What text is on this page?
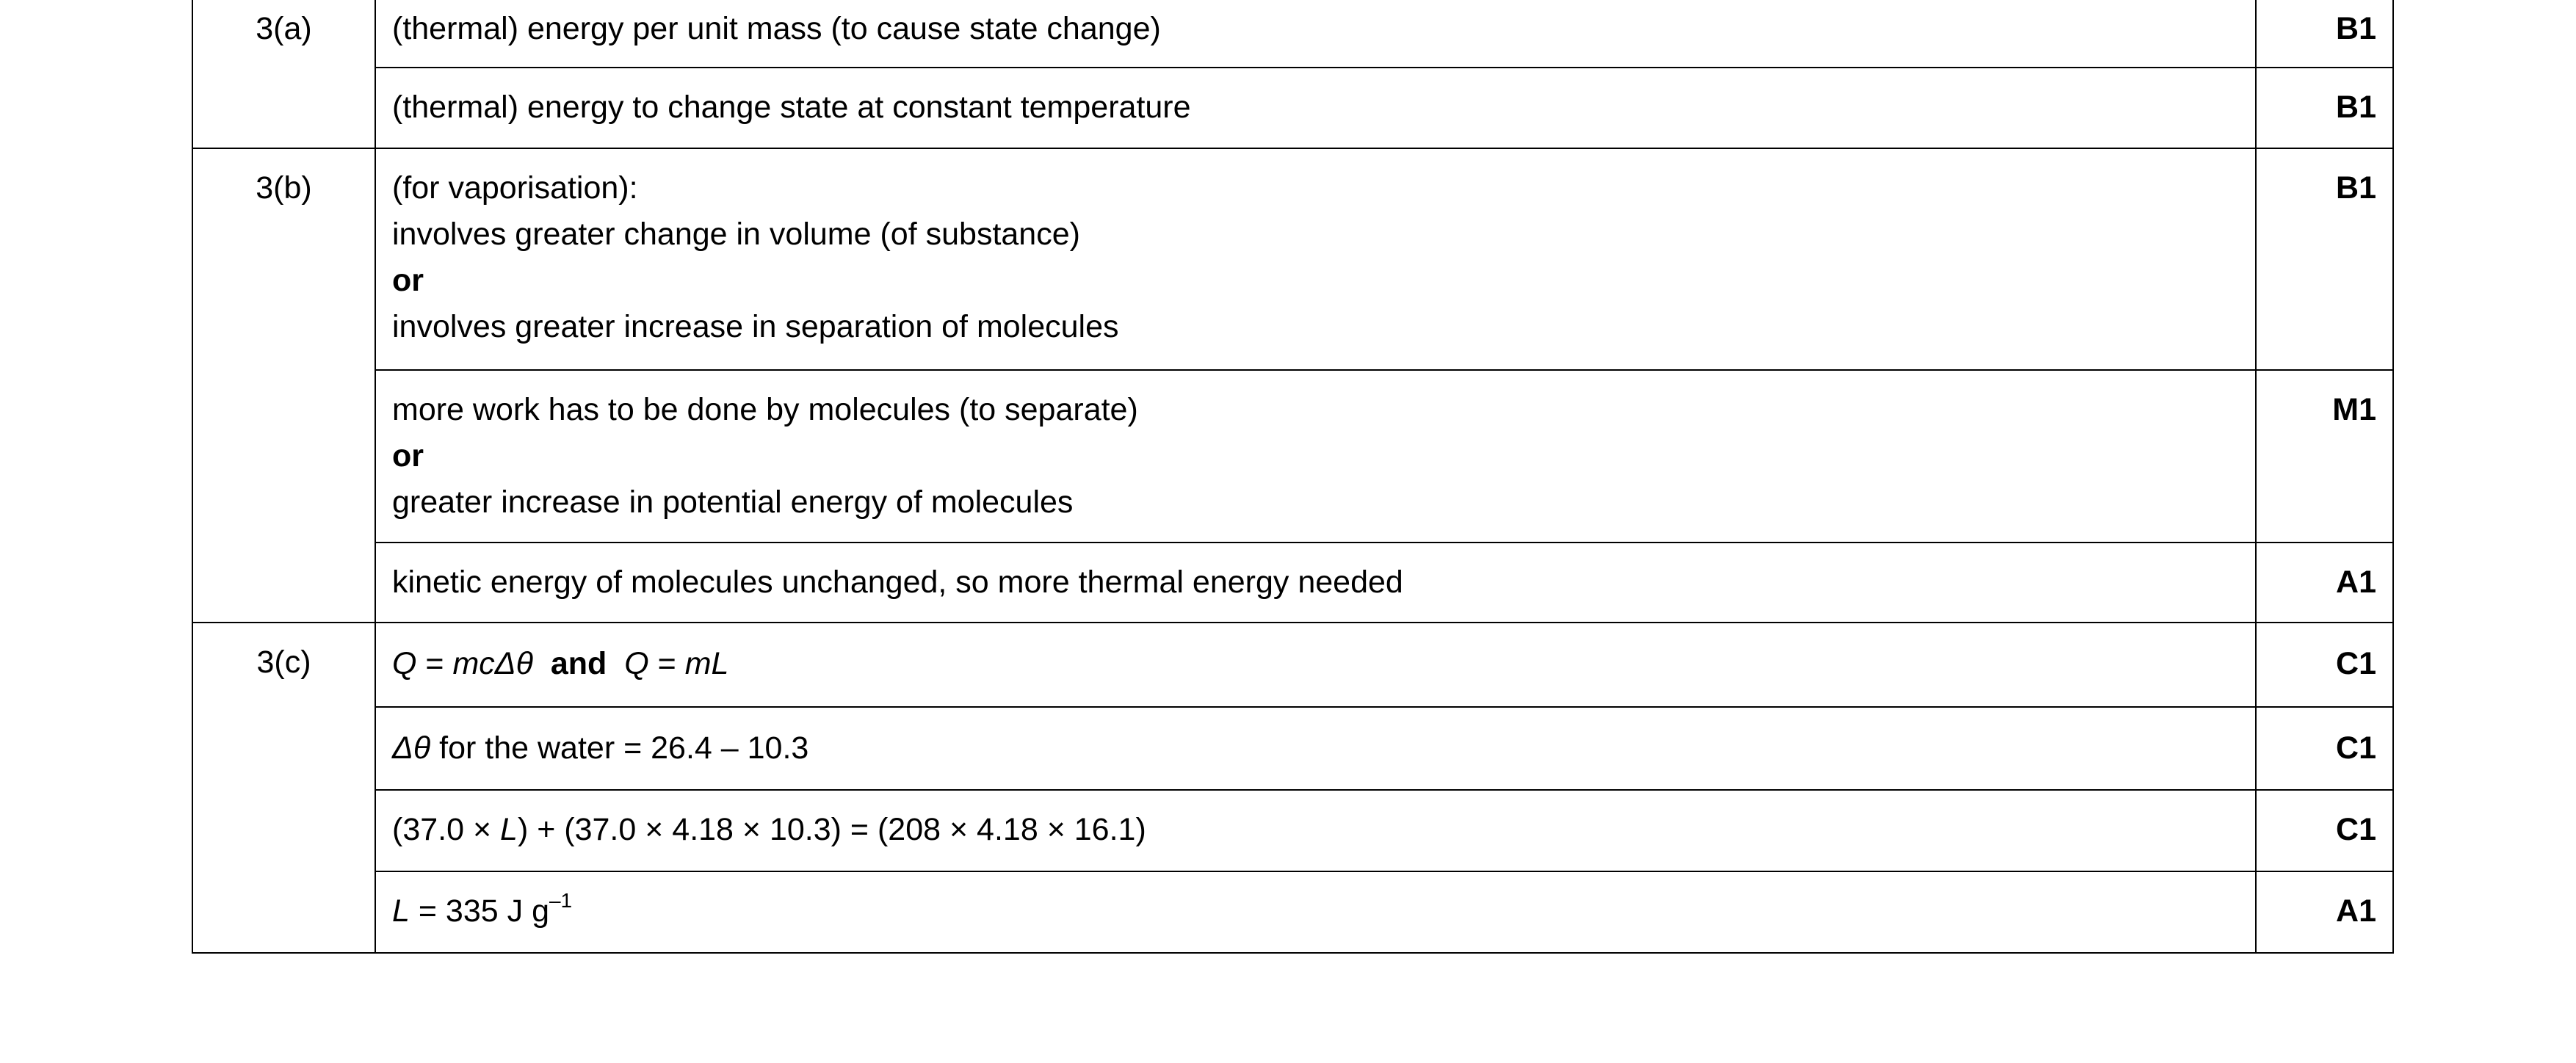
3(a)	(thermal) energy per unit mass (to cause state change)	B1

	(thermal) energy to change state at constant temperature	B1
3(b)	(for vaporisation):
involves greater change in volume (of substance)
or
involves greater increase in separation of molecules	B1

	more work has to be done by molecules (to separate)
or
greater increase in potential energy of molecules	M1

	kinetic energy of molecules unchanged, so more thermal energy needed	A1
3(c)	Q = mcΔθ and Q = mL	C1

	Δθ for the water = 26.4 – 10.3	C1

	(37.0 × L) + (37.0 × 4.18 × 10.3) = (208 × 4.18 × 16.1)	C1

	L = 335 J $g^{-1}$	A1
